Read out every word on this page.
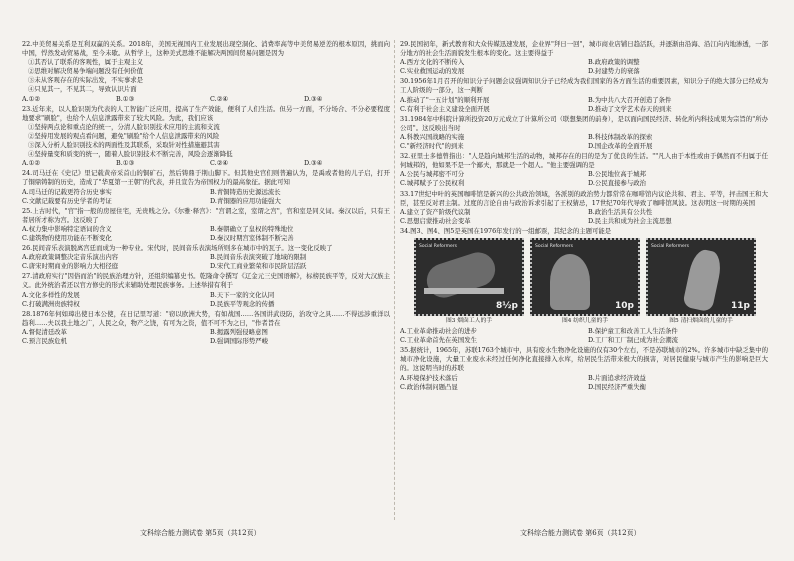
22.中美贸易关系是互利双赢的关系。2018年，美国无视国内工业发展出现空洞化、消费率高等中美贸易逆差的根本原因，挑而向中国，悍然发动贸易战，至今未歇。从哲学上，这种美式思维不能解决两国间贸易问题是因为

①其否认了联系的客观性，属于主观主义
②思维对解决贸易争端问题没有任何价值
③未从客观存在的实际出发，不实事求是
④只见其一，不见其二，导致认识片面
A.①②	B.①③	C.②④	D.③④

23.近年来，以人脸识别为代表的人工智能广泛应用，提高了生产效能，便利了人们生活。但另一方面，不分场合、不分必要程度地要求"刷脸"，也给个人信息泄露带来了较大风险。为此，我们应该

①坚持两点论和重点论的统一，分清人脸识别技术应用的主流和支流
②坚持用发展的观点看问题，避免"刷脸"给个人信息泄露带来的风险
③深入分析人脸识别技术的两面性及其联系，采取针对性措施避其害
④坚持量变和质变的统一，随着人脸识别技术不断完善，风险会逐渐降低
A.①②	B.①③	C.②④	D.③④

24.司马迁在《史记》里记载黄帝采首山的铜矿石，然后铸鼎于荆山脚下。但其他史官们则普遍认为，是禹或者他的儿子启，打开了铜鼎铸制的历史，造成了"华夏第一王朝"的代表，并且宣告为帝国权力的最高象征。据此可知

A.司马迁的记载更符合历史事实	B.青铜铸造历史源远流长
C.文献记载要有历史学者的考证	D.青铜器的应用功能强大

25.上古时代，"官"指一般的房屋住宅，无贵贱之分。《尔雅·释宫》："宫谓之室，室谓之宫"，官和室是同义词。秦汉以后，只有王者居所才称为宫。这反映了

A.权力集中影响特定语词的含义	B.秦朝确立了皇权的特殊地位
C.建筑物的使用功能在不断变化	D.秦汉时期宫室体制不断完善

26.民间音乐表演脱离宫廷而成为一种专业。宋代时，民间音乐表演场所则多在城市中的瓦子。这一变化反映了

A.政府政策调整决定音乐演出内容	B.民间音乐表演突破了地域的限制
C.唐宋时期商业的影响力大相径庭	D.宋代工商业繁荣和市民阶层活跃

27.清政府实行"因俗而治"的民族治理方针，还组织编纂史书。乾隆命令撰写《辽金元三史国语解》，标榜民族平等，反对大汉族主义。此外统治者还以官方修史的形式来辅助处理民族事务。上述举措有利于

A.文化多样性的发展	B.天下一家的文化认同
C.打破满洲贵族特权	D.民族平等观念的传播

28.1876年何如璋出使日本公使，在日记里写道："窃以欧洲大势，有如战国……各国讲武设防，治攻守之具……不得远涉重洋以趋利……夫以我土地之广，人民之众，物产之饶，有可为之资，值不可不为之日，"作者旨在

A.督促清廷改革	B.揭露列强侵略意图
C.预言民族危机	D.强调国际形势严峻

29.民国初年，新式教育和大众传媒迅速发展，企业界"拜日一回"，城市商业店铺日趋活跃，并逐渐由沿海、沿江向内地渗透，一部分地方的社会生活面貌发生根本的变化。这主要得益于

A.西方文化的不断传入	B.政府政策的调整
C.实业救国运动的发展	D.封建势力的衰落

30.1956年1月召开的知识分子问题会议强调知识分子已经成为我们国家的各方面生活的重要因素，知识分子的绝大部分已经成为工人阶级的一部分，这一判断

A.推动了"一五计划"的顺利开展	B.为中共八大召开创造了条件
C.有利于社会主义建设全面开展	D.推动了文学艺术春天的到来

31.1984年中科院计算所投资20万元成立了计算所公司（联想集团的前身），是以面向国民经济、转化所内科技成果为宗旨的"所办公司"。这反映出当时

A.科教兴国战略的实施	B.科技体制改革的探索
C."新经济时代"的到来	D.国企改革的全面开展

32.亚里士多德曾指出："人是趋向城邦生活的动物，城邦存在的目的是为了优良的生活。""凡人由于本性或由于偶然而不归属于任何城邦的，他如果不是一个鄙夫，那就是一个超人。"他主要强调的是

A.公民与城邦密不可分	B.公民地位高于城邦
C.城邦赋予了公民权利	D.公民直接参与政治

33.17世纪中叶的英国咖啡馆是新兴的公共政治领域，各派别的政治势力都常常在咖啡馆内议论共和、君主、平等，抨击国王和大臣，甚至反对君主制。过度的言论自由与政治诉求引起了王权猜忌，17世纪70年代导致了咖啡馆风波。这表明这一时期的英国

A.建立了资产阶级代议制	B.政治生活具有公共性
C.思想启蒙推动社会变革	D.民主共和成为社会主流思想

34.图3、图4、图5是英国在1976年发行的一组邮票，其纪念的主题可能是

Social Reformers
8½p
Social Reformers
10p
Social Reformers
11p
图3 烟囱工人的手	图4 纺织儿童的手	图5 清扫烟囱的儿童的手
A.工业革命推动社会的进步	B.保护童工和改善工人生活条件
C.工业革命首先在英国发生	D.工厂和工厂制已成为社会潮流

35.据统计，1965年，苏联1763个城市中，具有废水生物净化设施的仅有30个左右，不是苏联城市的2%。许多城市中缺乏集中的城市净化设施，大量工业废水未经过任何净化直接排入水库，给居民生活带来极大的损害，对居民健康与城市产生的影响是巨大的。这说明当时的苏联

A.环境保护技术落后	B.片面追求经济效益
C.政治体制问题凸显	D.国民经济严重失衡
文科综合能力测试卷 第5页（共12页）	文科综合能力测试卷 第6页（共12页）
